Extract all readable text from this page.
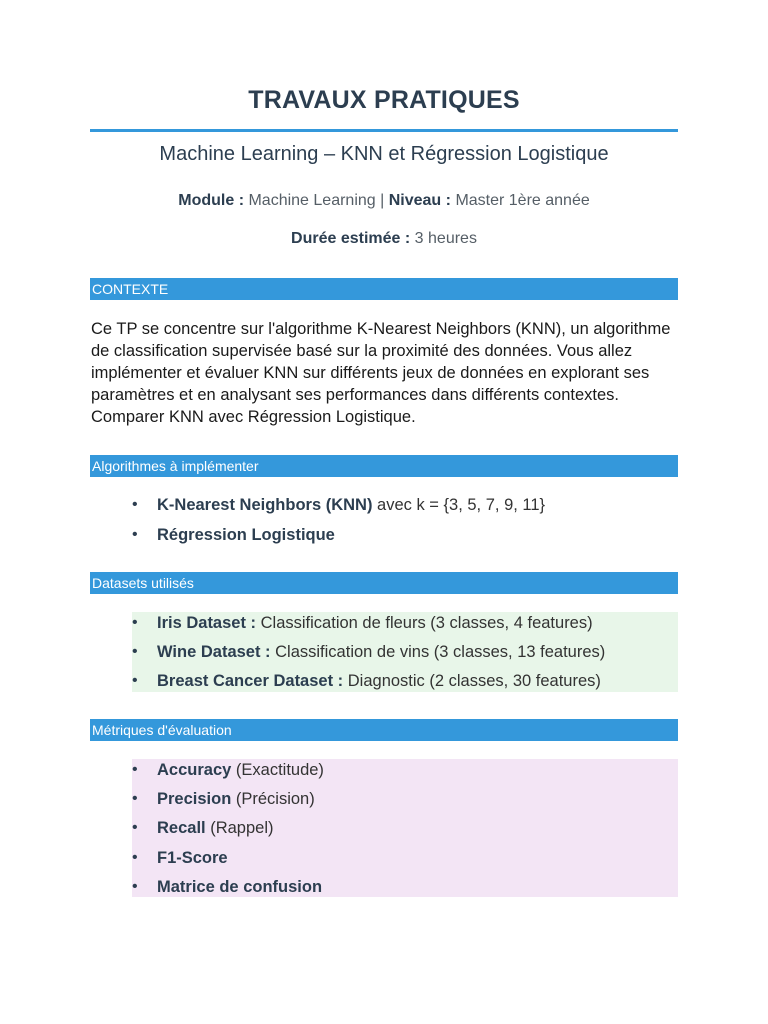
TRAVAUX PRATIQUES
Machine Learning – KNN et Régression Logistique
Module : Machine Learning | Niveau : Master 1ère année
Durée estimée : 3 heures
CONTEXTE
Ce TP se concentre sur l'algorithme K-Nearest Neighbors (KNN), un algorithme de classification supervisée basé sur la proximité des données. Vous allez implémenter et évaluer KNN sur différents jeux de données en explorant ses paramètres et en analysant ses performances dans différents contextes. Comparer KNN avec Régression Logistique.
Algorithmes à implémenter
• K-Nearest Neighbors (KNN) avec k = {3, 5, 7, 9, 11}
• Régression Logistique
Datasets utilisés
• Iris Dataset : Classification de fleurs (3 classes, 4 features)
• Wine Dataset : Classification de vins (3 classes, 13 features)
• Breast Cancer Dataset : Diagnostic (2 classes, 30 features)
Métriques d'évaluation
• Accuracy (Exactitude)
• Precision (Précision)
• Recall (Rappel)
• F1-Score
• Matrice de confusion
